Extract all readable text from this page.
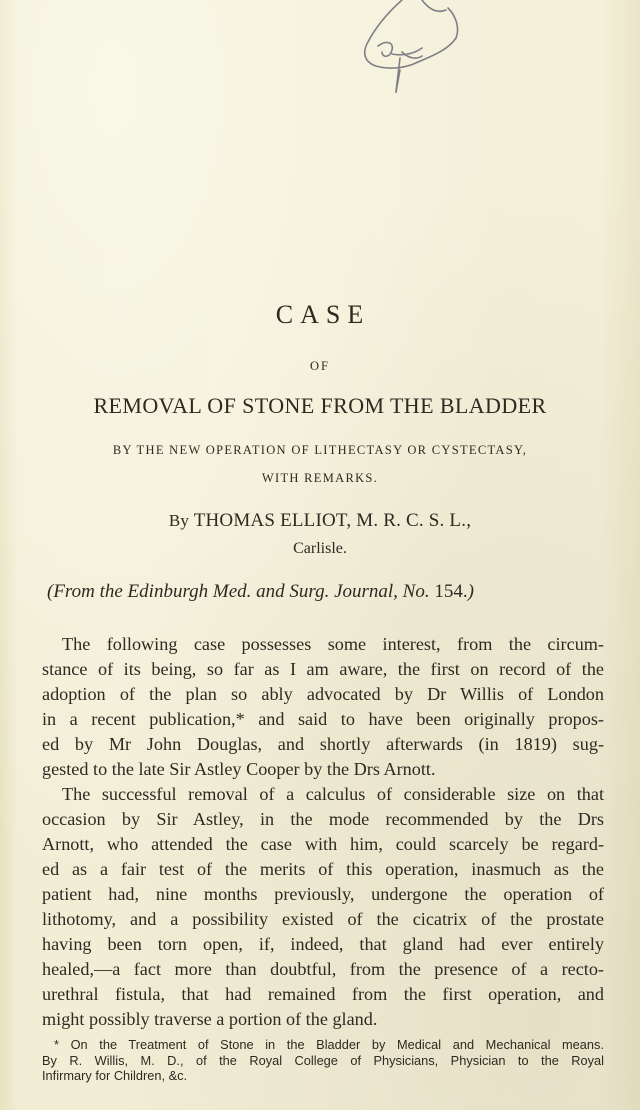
CASE
OF
REMOVAL OF STONE FROM THE BLADDER
BY THE NEW OPERATION OF LITHECTASY OR CYSTECTASY,
WITH REMARKS.
By THOMAS ELLIOT, M. R. C. S. L.,
Carlisle.
(From the Edinburgh Med. and Surg. Journal, No. 154.)
The following case possesses some interest, from the circum-
stance of its being, so far as I am aware, the first on record of the
adoption of the plan so ably advocated by Dr Willis of London
in a recent publication,* and said to have been originally propos-
ed by Mr John Douglas, and shortly afterwards (in 1819) sug-
gested to the late Sir Astley Cooper by the Drs Arnott.
The successful removal of a calculus of considerable size on that
occasion by Sir Astley, in the mode recommended by the Drs
Arnott, who attended the case with him, could scarcely be regard-
ed as a fair test of the merits of this operation, inasmuch as the
patient had, nine months previously, undergone the operation of
lithotomy, and a possibility existed of the cicatrix of the prostate
having been torn open, if, indeed, that gland had ever entirely
healed,—a fact more than doubtful, from the presence of a recto-
urethral fistula, that had remained from the first operation, and
might possibly traverse a portion of the gland.
* On the Treatment of Stone in the Bladder by Medical and Mechanical means.
By R. Willis, M. D., of the Royal College of Physicians, Physician to the Royal
Infirmary for Children, &c.
